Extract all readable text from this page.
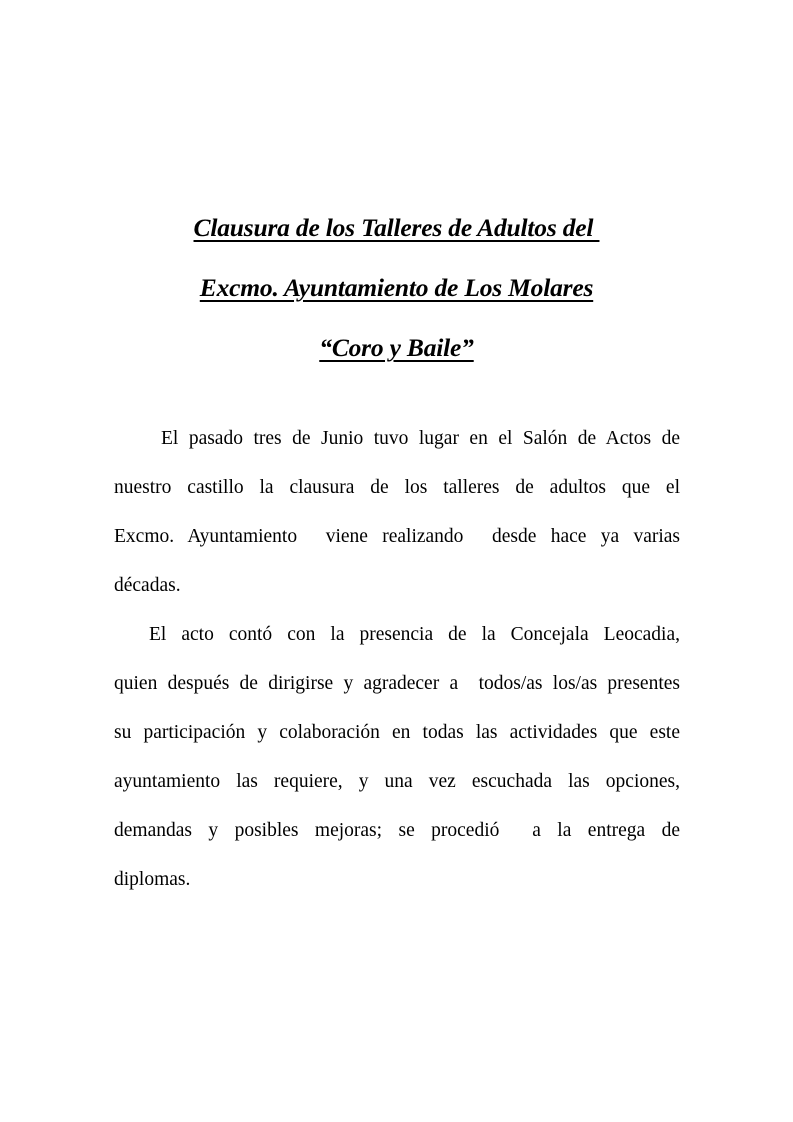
Clausura de los Talleres de Adultos del
Excmo. Ayuntamiento de Los Molares
“Coro y Baile”
El pasado tres de Junio tuvo lugar en el Salón de Actos de
nuestro castillo la clausura de los talleres de adultos que el
Excmo. Ayuntamiento  viene realizando  desde hace ya varias
décadas.
El acto contó con la presencia de la Concejala Leocadia,
quien después de dirigirse y agradecer a  todos/as los/as presentes
su participación y colaboración en todas las actividades que este
ayuntamiento las requiere, y una vez escuchada las opciones,
demandas y posibles mejoras; se procedió  a la entrega de
diplomas.
